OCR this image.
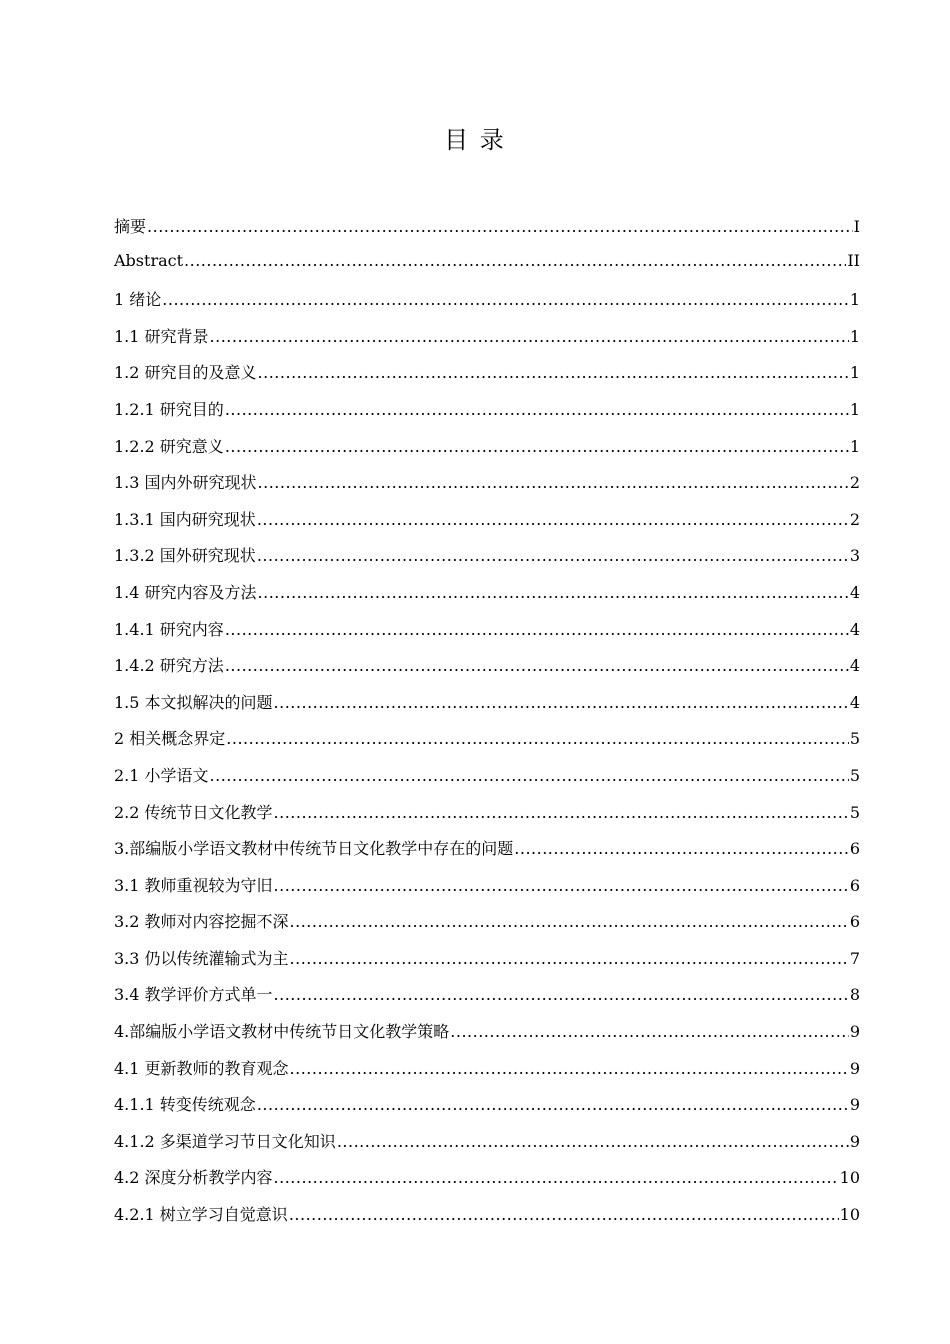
目 录
摘要 .....	I
Abstract .....	II
1 绪论 .....	1
1.1 研究背景 .....	1
1.2 研究目的及意义 .....	1
1.2.1 研究目的 .....	1
1.2.2 研究意义 .....	1
1.3 国内外研究现状 .....	2
1.3.1 国内研究现状 .....	2
1.3.2 国外研究现状 .....	3
1.4 研究内容及方法 .....	4
1.4.1 研究内容 .....	4
1.4.2 研究方法 .....	4
1.5 本文拟解决的问题 .....	4
2 相关概念界定 .....	5
2.1 小学语文 .....	5
2.2 传统节日文化教学 .....	5
3.部编版小学语文教材中传统节日文化教学中存在的问题 .....	6
3.1 教师重视较为守旧 .....	6
3.2 教师对内容挖掘不深 .....	6
3.3 仍以传统灌输式为主 .....	7
3.4 教学评价方式单一 .....	8
4.部编版小学语文教材中传统节日文化教学策略 .....	9
4.1 更新教师的教育观念 .....	9
4.1.1 转变传统观念 .....	9
4.1.2 多渠道学习节日文化知识 .....	9
4.2 深度分析教学内容 .....	10
4.2.1 树立学习自觉意识 .....	10
